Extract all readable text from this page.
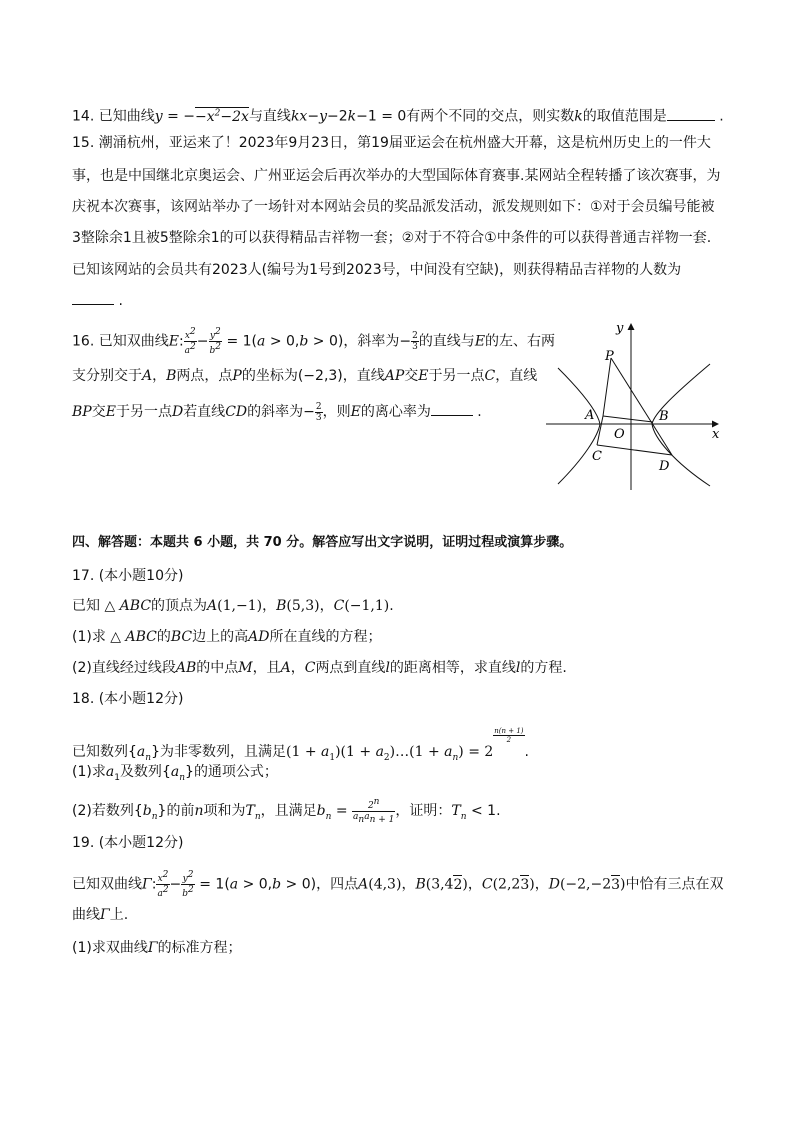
14. 已知曲线$y = --x^2-2x$与直线kx−y−2k−1 = 0有两个不同的交点，则实数k的取值范围是	.
15. 潮涌杭州，亚运来了！2023年9月23日，第19届亚运会在杭州盛大开幕，这是杭州历史上的一件大
事，也是中国继北京奥运会、广州亚运会后再次举办的大型国际体育赛事.某网站全程转播了该次赛事，为
庆祝本次赛事，该网站举办了一场针对本网站会员的奖品派发活动，派发规则如下：①对于会员编号能被
3整除余1且被5整除余1的可以获得精品吉祥物一套；②对于不符合①中条件的可以获得普通吉祥物一套.
已知该网站的会员共有2023人(编号为1号到2023号，中间没有空缺)，则获得精品吉祥物的人数为
.
16. 已知双曲线E: $\frac{x2}{a2} - \frac{y2}{b2} = 1(a > 0,b > 0)$，斜率为− $\frac{2}{3}$ 的直线与E的左、右两
支分别交于A，B两点，点P的坐标为(−2,3)，直线AP交E于另一点C，直线
BP交E于另一点D若直线CD的斜率为− $\frac{2}{3}$ ，则E的离心率为	.
y
x
P
A	B
O
C
D
四、解答题：本题共 6 小题，共 70 分。解答应写出文字说明，证明过程或演算步骤。
17. (本小题10分)
已知 △ ABC的顶点为A(1,−1)，B(5,3)，C(−1,1).
(1)求 △ ABC的BC边上的高AD所在直线的方程；
(2)直线经过线段AB的中点M，且A，C两点到直线l的距离相等，求直线l的方程.
18. (本小题12分)
已知数列$\{a_n\}$为非零数列，且满足$(1 + a_1)(1$ + $a_2)\dots(1 + a_n) = 2$
$\frac{n(n + 1)}{2}$
.
(1)求$a_1$及数列$\{a_n\}$的通项公式；
(2)若数列$\{b_n\}$的前n项和为$T_n$，且满足$b_n = \frac{2n}{\text{anan + 1}}$ ，证明：$T_n < 1$.
19. (本小题12分)
已知双曲线Γ: $\frac{x2}{a2} - \frac{y2}{b2} = 1(a > 0,b > 0)$，四点A(4,3)，B(3,42)，C(2,23)，D(−2,−23)中恰有三点在双
曲线Γ上.
(1)求双曲线Γ的标准方程；
